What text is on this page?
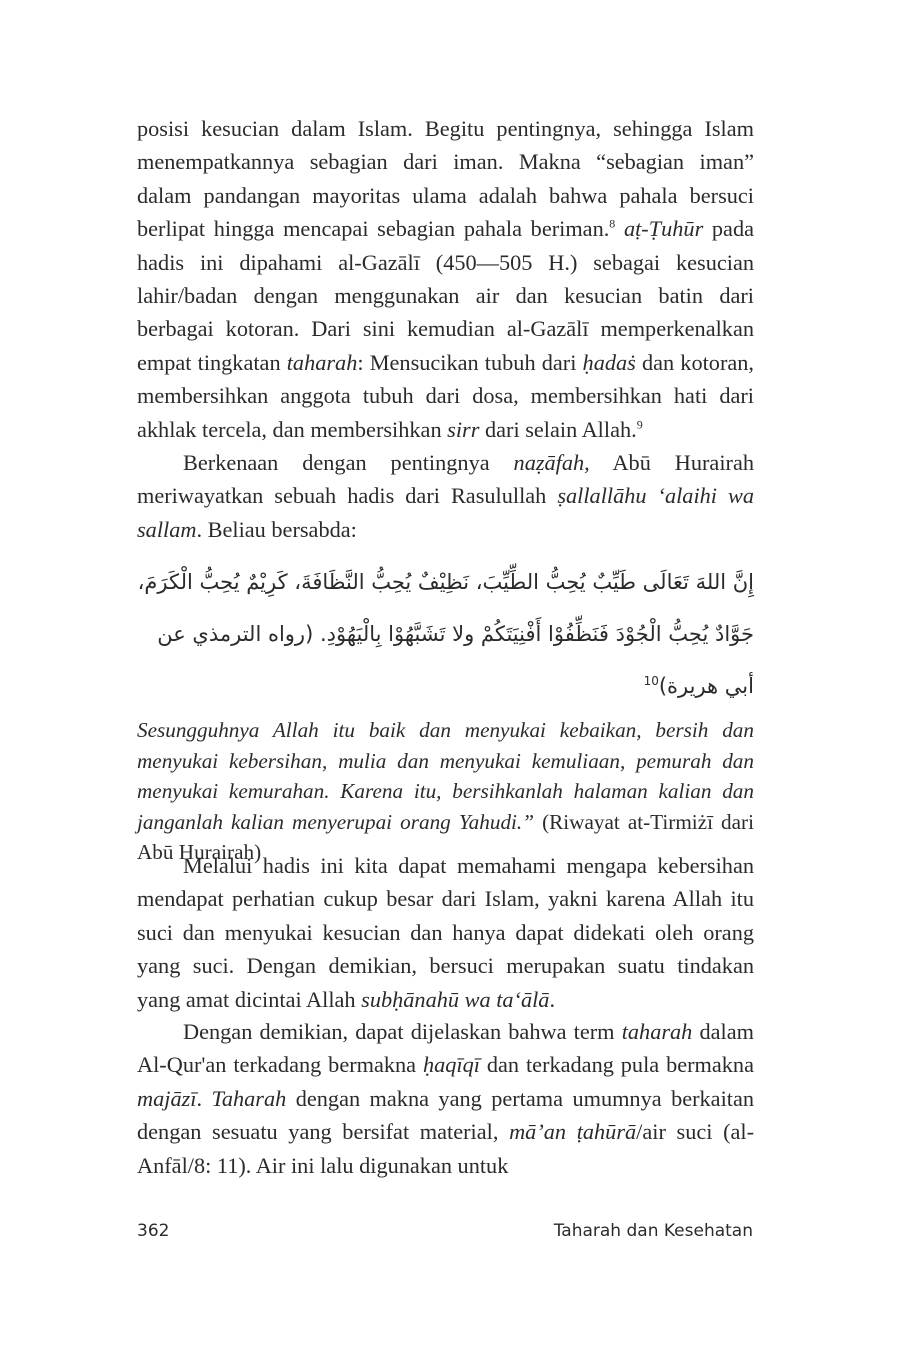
posisi kesucian dalam Islam. Begitu pentingnya, sehingga Islam menempatkannya sebagian dari iman. Makna “sebagian iman” dalam pandangan mayoritas ulama adalah bahwa pahala bersuci berlipat hingga mencapai sebagian pahala beriman.$^8$ aṭ-Ṭuhūr pada hadis ini dipahami al-Gazālī (450—505 H.) sebagai kesucian lahir/badan dengan menggunakan air dan kesucian batin dari berbagai kotoran. Dari sini kemudian al-Gazālī memperkenalkan empat tingkatan taharah: Mensucikan tubuh dari ḥadaṡ dan kotoran, membersihkan anggota tubuh dari dosa, membersihkan hati dari akhlak tercela, dan membersihkan sirr dari selain Allah.$^9$

Berkenaan dengan pentingnya naẓāfah, Abū Hurairah meriwayatkan sebuah hadis dari Rasulullah ṣallallāhu ‘alaihi wa sallam. Beliau bersabda:

إِنَّ اللهَ تَعَالَى طَيِّبٌ يُحِبُّ الطِّيِّبَ، نَظِيْفٌ يُحِبُّ النَّظَافَةَ، كَرِيْمٌ يُحِبُّ الْكَرَمَ،
جَوَّادٌ يُحِبُّ الْجُوْدَ فَنَظِّفُوْا أَفْنِيَتَكُمْ ولا تَشَبَّهُوْا بِالْيَهُوْدِ. (رواه الترمذي عن
أبي هريرة)$^{10}$

Sesungguhnya Allah itu baik dan menyukai kebaikan, bersih dan menyukai kebersihan, mulia dan menyukai kemuliaan, pemurah dan menyukai kemurahan. Karena itu, bersihkanlah halaman kalian dan janganlah kalian menyerupai orang Yahudi.” (Riwayat at-Tirmiżī dari Abū Hurairah)

Melalui hadis ini kita dapat memahami mengapa kebersihan mendapat perhatian cukup besar dari Islam, yakni karena Allah itu suci dan menyukai kesucian dan hanya dapat didekati oleh orang yang suci. Dengan demikian, bersuci merupakan suatu tindakan yang amat dicintai Allah subḥānahū wa ta‘ālā.

Dengan demikian, dapat dijelaskan bahwa term taharah dalam Al-Qur'an terkadang bermakna ḥaqīqī dan terkadang pula bermakna majāzī. Taharah dengan makna yang pertama umumnya berkaitan dengan sesuatu yang bersifat material, mā’an ṭahūrā/air suci (al-Anfāl/8: 11). Air ini lalu digunakan untuk

362	Taharah dan Kesehatan
